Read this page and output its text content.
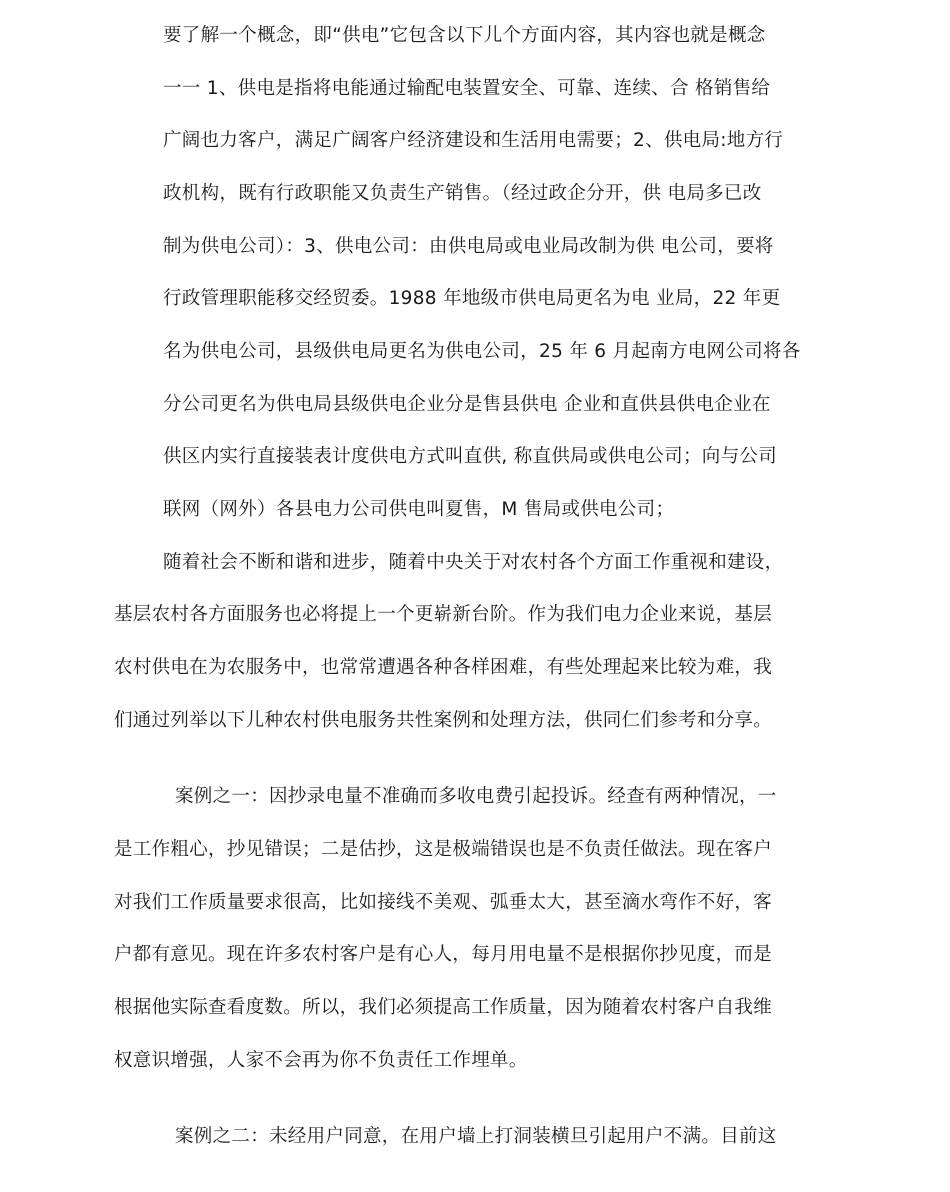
要了解一个概念，即“供电”它包含以下儿个方面内容，其内容也就是概念
一一 1、供电是指将电能通过输配电装置安全、可靠、连续、合 格销售给
广阔也力客户，满足广阔客户经济建设和生活用电需要；2、供电局:地方行
政机构，既有行政职能又负责生产销售。（经过政企分开，供 电局多已改
制为供电公司）：3、供电公司：由供电局或电业局改制为供 电公司，要将
行政管理职能移交经贸委。1988 年地级市供电局更名为电 业局，22 年更
名为供电公司，县级供电局更名为供电公司，25 年 6 月起南方电网公司将各
分公司更名为供电局县级供电企业分是售县供电 企业和直供县供电企业在
供区内实行直接装表计度供电方式叫直供, 称直供局或供电公司；向与公司
联网（网外）各县电力公司供电叫夏售，M 售局或供电公司；
随着社会不断和谐和进步，随着中央关于对农村各个方面工作重视和建设，
基层农村各方面服务也必将提上一个更崭新台阶。作为我们电力企业来说，基层
农村供电在为农服务中，也常常遭遇各种各样困难，有些处理起来比较为难，我
们通过列举以下儿种农村供电服务共性案例和处理方法，供同仁们参考和分享。
案例之一：因抄录电量不准确而多收电费引起投诉。经查有两种情况，一
是工作粗心，抄见错误；二是估抄，这是极端错误也是不负责任做法。现在客户
对我们工作质量要求很高，比如接线不美观、弧垂太大，甚至滴水弯作不好，客
户都有意见。现在许多农村客户是有心人，每月用电量不是根据你抄见度，而是
根据他实际查看度数。所以，我们必须提高工作质量，因为随着农村客户自我维
权意识增强，人家不会再为你不负责任工作埋单。
案例之二：未经用户同意，在用户墙上打洞装横旦引起用户不满。目前这
